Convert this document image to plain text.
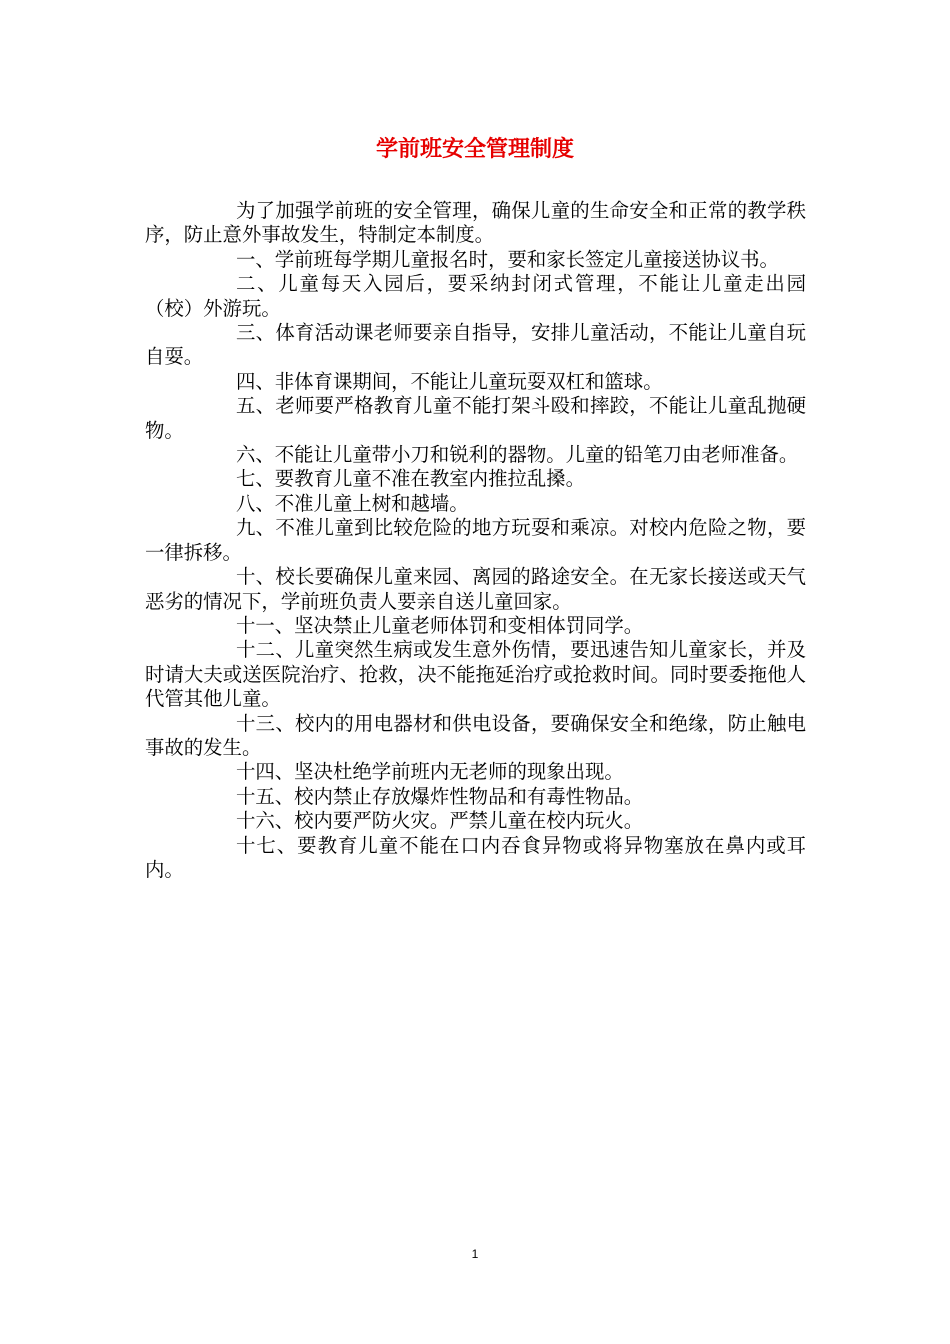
学前班安全管理制度

为了加强学前班的安全管理，确保儿童的生命安全和正常的教学秩序，防止意外事故发生，特制定本制度。

一、学前班每学期儿童报名时，要和家长签定儿童接送协议书。

二、儿童每天入园后，要采纳封闭式管理，不能让儿童走出园（校）外游玩。

三、体育活动课老师要亲自指导，安排儿童活动，不能让儿童自玩自耍。

四、非体育课期间，不能让儿童玩耍双杠和篮球。

五、老师要严格教育儿童不能打架斗殴和摔跤，不能让儿童乱抛硬物。

六、不能让儿童带小刀和锐利的器物。儿童的铅笔刀由老师准备。

七、要教育儿童不准在教室内推拉乱搡。

八、不准儿童上树和越墙。

九、不准儿童到比较危险的地方玩耍和乘凉。对校内危险之物，要一律拆移。

十、校长要确保儿童来园、离园的路途安全。在无家长接送或天气恶劣的情况下，学前班负责人要亲自送儿童回家。

十一、坚决禁止儿童老师体罚和变相体罚同学。

十二、儿童突然生病或发生意外伤情，要迅速告知儿童家长，并及时请大夫或送医院治疗、抢救，决不能拖延治疗或抢救时间。同时要委拖他人代管其他儿童。

十三、校内的用电器材和供电设备，要确保安全和绝缘，防止触电事故的发生。

十四、坚决杜绝学前班内无老师的现象出现。

十五、校内禁止存放爆炸性物品和有毒性物品。

十六、校内要严防火灾。严禁儿童在校内玩火。

十七、要教育儿童不能在口内吞食异物或将异物塞放在鼻内或耳内。

1
